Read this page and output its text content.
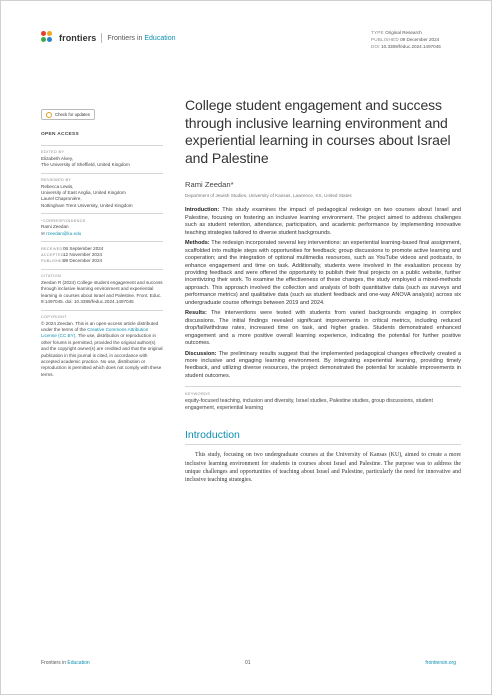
frontiers Frontiers in Education
TYPE Original Research
PUBLISHED 09 December 2024
DOI 10.3389/feduc.2024.1497045
Check for updates
OPEN ACCESS
EDITED BY
Elizabeth Alvey,
The University of Sheffield, United Kingdom
REVIEWED BY
Rebecca Lewis,
University of East Anglia, United Kingdom
Laurel Chapronière,
Nottingham Trent University, United Kingdom
*CORRESPONDENCE
Rami Zeedan
✉ rzeedan@ku.edu
RECEIVED 06 September 2024
ACCEPTED 12 November 2024
PUBLISHED
09 December 2024
CITATION
Zeedan R (2024) College student engagement and success through inclusive learning environment and experiential learning in courses about Israel and Palestine. Front. Educ. 9:1497045. doi: 10.3389/feduc.2024.1497045
COPYRIGHT
© 2024 Zeedan. This is an open-access article distributed under the terms of the Creative Commons Attribution License (CC BY). The use, distribution or reproduction in other forums is permitted, provided the original author(s) and the copyright owner(s) are credited and that the original publication in this journal is cited, in accordance with accepted academic practice. No use, distribution or reproduction is permitted which does not comply with these terms.
College student engagement and success through inclusive learning environment and experiential learning in courses about Israel and Palestine
Rami Zeedan*
Department of Jewish Studies, University of Kansas, Lawrence, KS, United States

Introduction: This study examines the impact of pedagogical redesign on two courses about Israel and Palestine, focusing on fostering an inclusive learning environment. The project aimed to address challenges such as student retention, attendance, participation, and academic performance by implementing innovative teaching strategies tailored to diverse student backgrounds.

Methods: The redesign incorporated several key interventions: an experiential learning-based final assignment, scaffolded into multiple steps with opportunities for feedback; group discussions to promote active learning and cooperation; and the integration of optional multimedia resources, such as YouTube videos and podcasts, to enhance engagement and time on task. Additionally, students were involved in the evaluation process by providing feedback and were offered the opportunity to publish their final projects on a public website, further incentivizing their work. To examine the effectiveness of these changes, the study employed a mixed-methods approach. This approach involved the collection and analysis of both quantitative data (such as surveys and performance metrics) and qualitative data (such as student feedback and one-way ANOVA analysis) across six undergraduate course offerings between 2019 and 2024.

Results: The interventions were tested with students from varied backgrounds engaging in complex discussions. The initial findings revealed significant improvements in critical metrics, including reduced drop/fail/withdraw rates, increased time on task, and higher grades. Students demonstrated enhanced engagement and a more positive overall learning experience, indicating the potential for further positive outcomes.

Discussion: The preliminary results suggest that the implemented pedagogical changes effectively created a more inclusive and engaging learning environment. By integrating experiential learning, providing timely feedback, and utilizing diverse resources, the project demonstrated the potential for scalable improvements in student outcomes.

KEYWORDS
equity-focused teaching, inclusion and diversity, Israel studies, Palestine studies, group discussions, student engagement, experiential learning
Introduction
This study, focusing on two undergraduate courses at the University of Kansas (KU), aimed to create a more inclusive learning environment for students in courses about Israel and Palestine. The purpose was to address the unique challenges and opportunities of teaching about Israel and Palestine, particularly the need for innovative and inclusive teaching strategies.
Frontiers in Education	01	frontiersin.org
